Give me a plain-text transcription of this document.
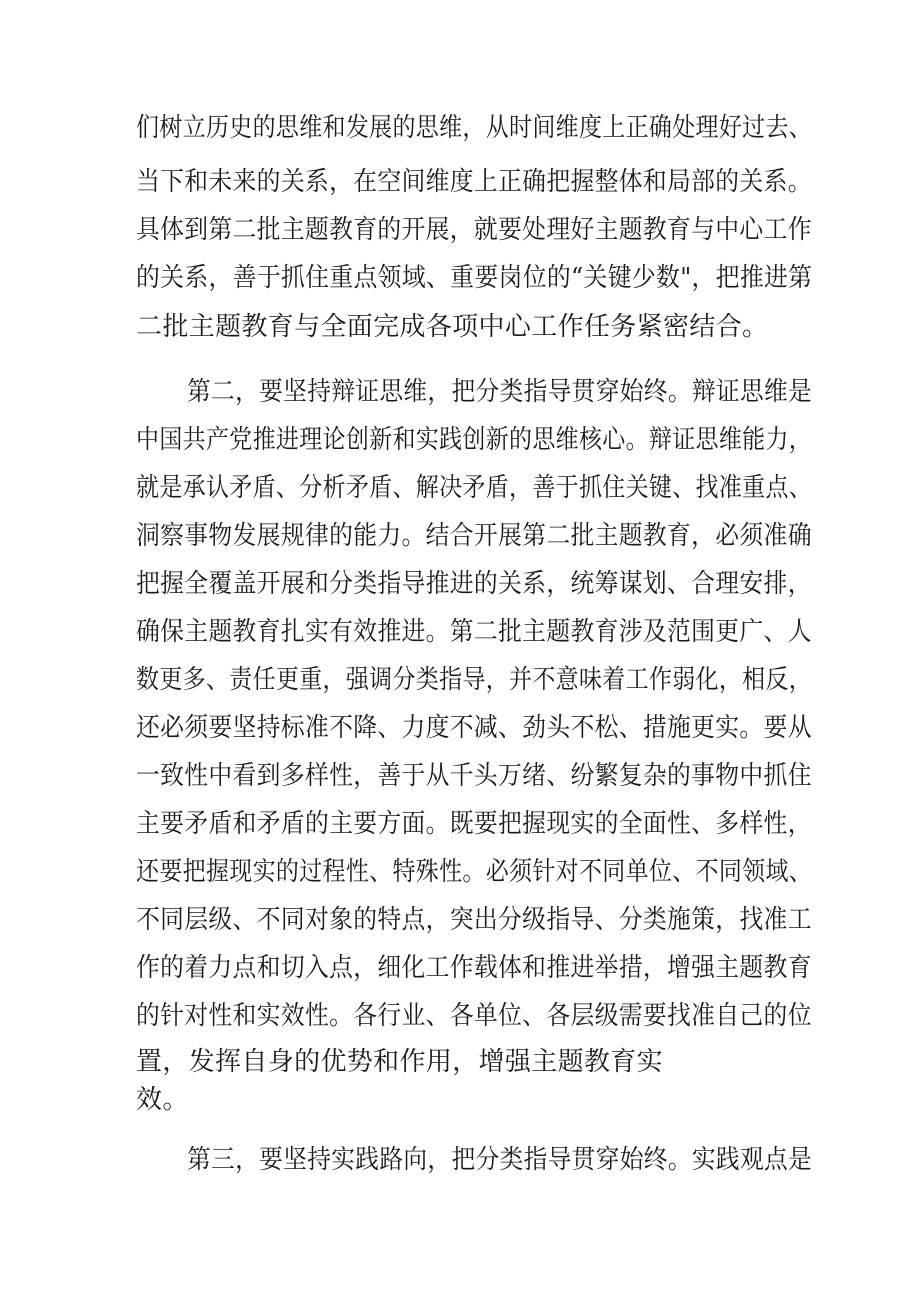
们树立历史的思维和发展的思维，从时间维度上正确处理好过去、
当下和未来的关系，在空间维度上正确把握整体和局部的关系。
具体到第二批主题教育的开展，就要处理好主题教育与中心工作
的关系，善于抓住重点领域、重要岗位的“关键少数"，把推进第
二批主题教育与全面完成各项中心工作任务紧密结合。
第二，要坚持辩证思维，把分类指导贯穿始终。辩证思维是
中国共产党推进理论创新和实践创新的思维核心。辩证思维能力，
就是承认矛盾、分析矛盾、解决矛盾，善于抓住关键、找准重点、
洞察事物发展规律的能力。结合开展第二批主题教育，必须准确
把握全覆盖开展和分类指导推进的关系，统筹谋划、合理安排，
确保主题教育扎实有效推进。第二批主题教育涉及范围更广、人
数更多、责任更重，强调分类指导，并不意味着工作弱化，相反，
还必须要坚持标准不降、力度不减、劲头不松、措施更实。要从
一致性中看到多样性，善于从千头万绪、纷繁复杂的事物中抓住
主要矛盾和矛盾的主要方面。既要把握现实的全面性、多样性，
还要把握现实的过程性、特殊性。必须针对不同单位、不同领域、
不同层级、不同对象的特点，突出分级指导、分类施策，找准工
作的着力点和切入点，细化工作载体和推进举措，增强主题教育
的针对性和实效性。各行业、各单位、各层级需要找准自己的位
置，发挥自身的优势和作用，增强主题教育实
效。
第三，要坚持实践路向，把分类指导贯穿始终。实践观点是
